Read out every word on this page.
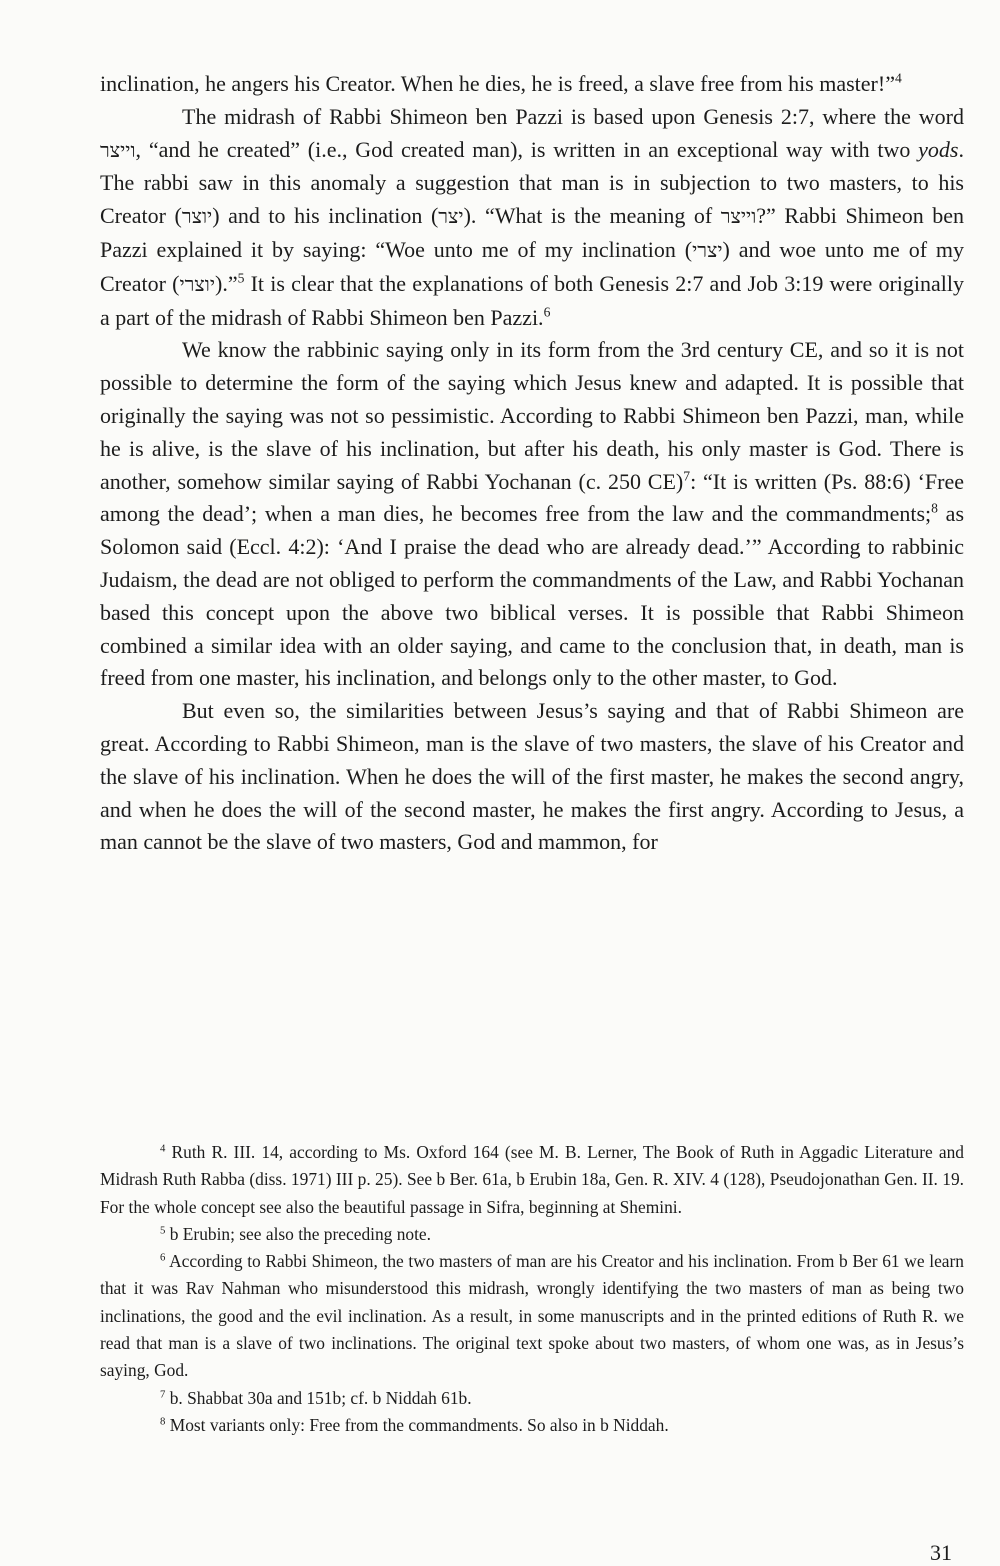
inclination, he angers his Creator. When he dies, he is freed, a slave free from his master!”$^4$

The midrash of Rabbi Shimeon ben Pazzi is based upon Genesis 2:7, where the word וייצר, “and he created” (i.e., God created man), is written in an exceptional way with two yods. The rabbi saw in this anomaly a suggestion that man is in subjection to two masters, to his Creator (יוצר) and to his inclination (יצר). “What is the meaning of וייצר?” Rabbi Shimeon ben Pazzi explained it by saying: “Woe unto me of my inclination (יצרי) and woe unto me of my Creator (יוצרי).”$^5$ It is clear that the explanations of both Genesis 2:7 and Job 3:19 were originally a part of the midrash of Rabbi Shimeon ben Pazzi.$^6$

We know the rabbinic saying only in its form from the 3rd century CE, and so it is not possible to determine the form of the saying which Jesus knew and adapted. It is possible that originally the saying was not so pessimistic. According to Rabbi Shimeon ben Pazzi, man, while he is alive, is the slave of his inclination, but after his death, his only master is God. There is another, somehow similar saying of Rabbi Yochanan (c. 250 CE)$^7$: “It is written (Ps. 88:6) ‘Free among the dead’; when a man dies, he becomes free from the law and the commandments;$^8$ as Solomon said (Eccl. 4:2): ‘And I praise the dead who are already dead.’” According to rabbinic Judaism, the dead are not obliged to perform the commandments of the Law, and Rabbi Yochanan based this concept upon the above two biblical verses. It is possible that Rabbi Shimeon combined a similar idea with an older saying, and came to the conclusion that, in death, man is freed from one master, his inclination, and belongs only to the other master, to God.

But even so, the similarities between Jesus’s saying and that of Rabbi Shimeon are great. According to Rabbi Shimeon, man is the slave of two masters, the slave of his Creator and the slave of his inclination. When he does the will of the first master, he makes the second angry, and when he does the will of the second master, he makes the first angry. According to Jesus, a man cannot be the slave of two masters, God and mammon, for

$^4$ Ruth R. III. 14, according to Ms. Oxford 164 (see M. B. Lerner, The Book of Ruth in Aggadic Literature and Midrash Ruth Rabba (diss. 1971) III p. 25). See b Ber. 61a, b Erubin 18a, Gen. R. XIV. 4 (128), Pseudojonathan Gen. II. 19. For the whole concept see also the beautiful passage in Sifra, beginning at Shemini.

$^5$ b Erubin; see also the preceding note.

$^6$ According to Rabbi Shimeon, the two masters of man are his Creator and his inclination. From b Ber 61 we learn that it was Rav Nahman who misunderstood this midrash, wrongly identifying the two masters of man as being two inclinations, the good and the evil inclination. As a result, in some manuscripts and in the printed editions of Ruth R. we read that man is a slave of two inclinations. The original text spoke about two masters, of whom one was, as in Jesus’s saying, God.

$^7$ b. Shabbat 30a and 151b; cf. b Niddah 61b.

$^8$ Most variants only: Free from the commandments. So also in b Niddah.

31
